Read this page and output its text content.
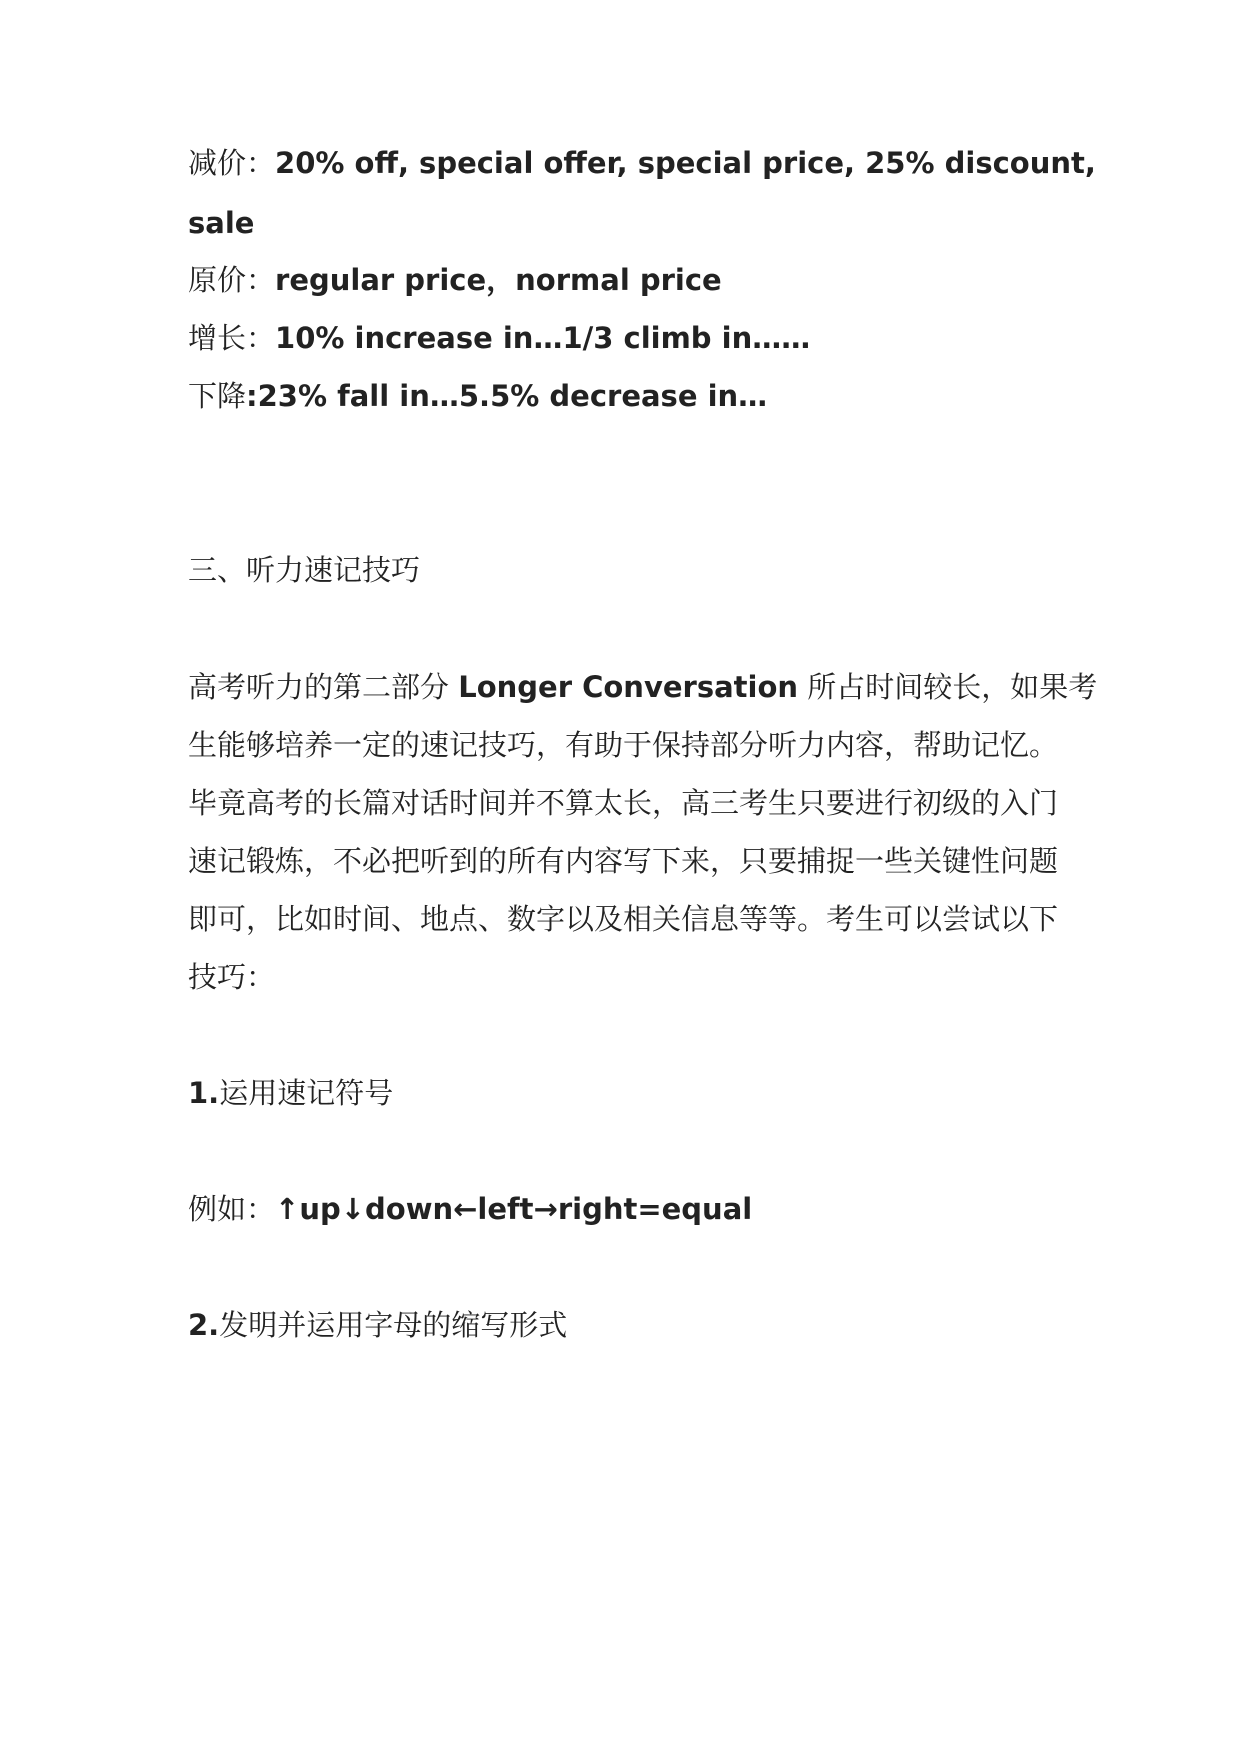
减价：20% off, special offer, special price, 25% discount,
sale
原价：regular price，normal price
增长：10% increase in…1/3 climb in……
下降:23% fall in…5.5% decrease in…
三、听力速记技巧
高考听力的第二部分 Longer Conversation 所占时间较长，如果考
生能够培养一定的速记技巧，有助于保持部分听力内容，帮助记忆。
毕竟高考的长篇对话时间并不算太长，高三考生只要进行初级的入门
速记锻炼，不必把听到的所有内容写下来，只要捕捉一些关键性问题
即可，比如时间、地点、数字以及相关信息等等。考生可以尝试以下
技巧：
1.运用速记符号
例如：↑up↓down←left→right=equal
2.发明并运用字母的缩写形式
